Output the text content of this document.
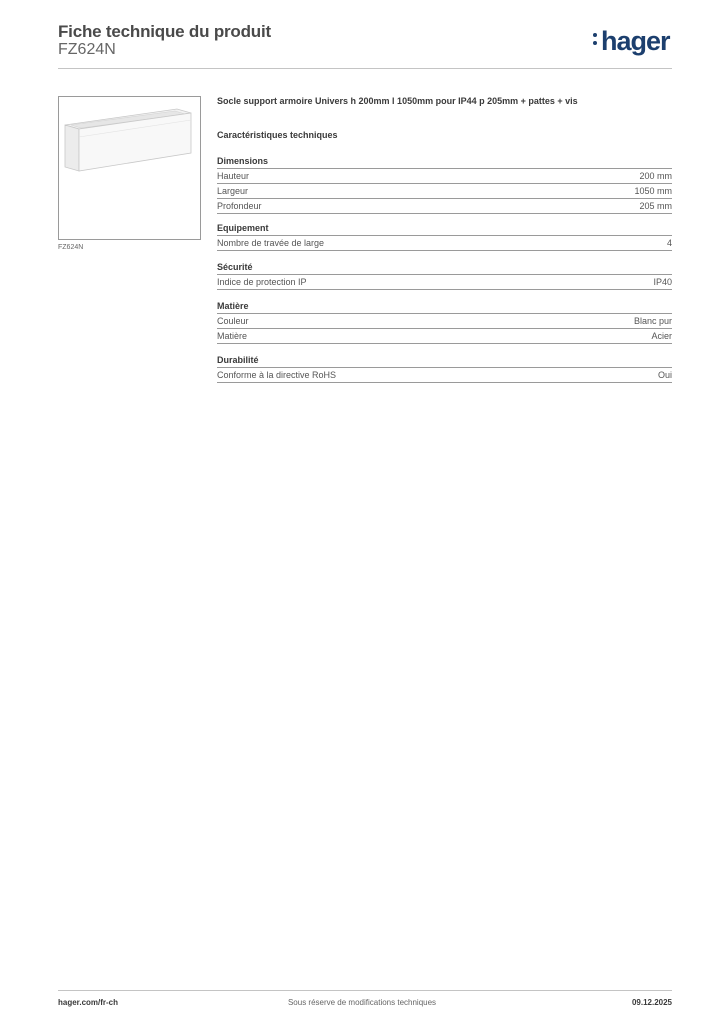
Fiche technique du produit
FZ624N	hager
FZ624N
Socle support armoire Univers h 200mm l 1050mm pour IP44 p 205mm + pattes + vis
Caractéristiques techniques
Dimensions
Hauteur	200 mm
Largeur	1050 mm
Profondeur	205 mm
Equipement
Nombre de travée de large	4
Sécurité
Indice de protection IP	IP40
Matière
Couleur	Blanc pur
Matière	Acier
Durabilité
Conforme à la directive RoHS	Oui
hager.com/fr-ch	Sous réserve de modifications techniques	09.12.2025
